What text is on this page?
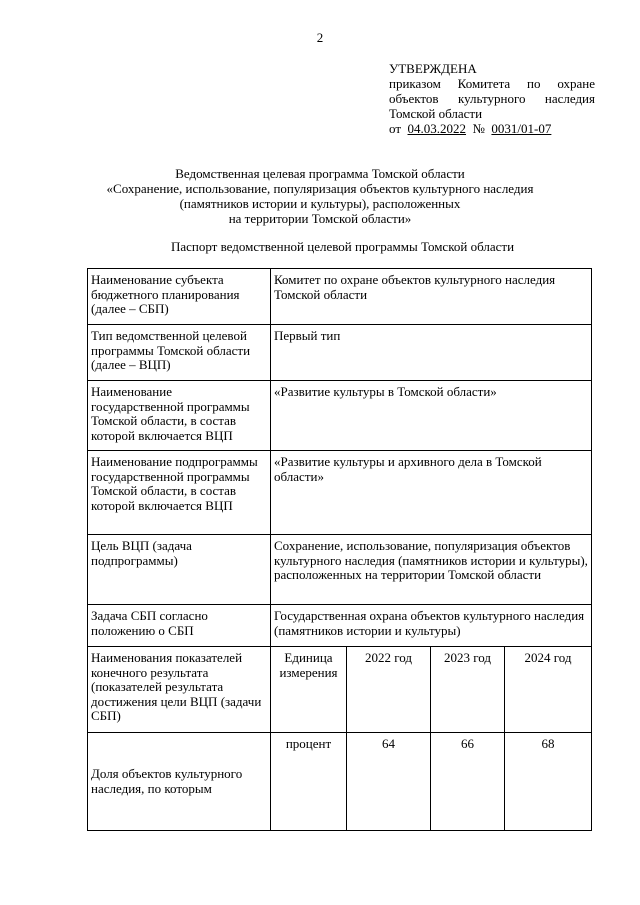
2
УТВЕРЖДЕНА
приказом Комитета по охране
объектов культурного наследия
Томской области
от 04.03.2022 № 0031/01-07
Ведомственная целевая программа Томской области
«Сохранение, использование, популяризация объектов культурного наследия
(памятников истории и культуры), расположенных
на территории Томской области»
Паспорт ведомственной целевой программы Томской области
Наименование субъекта бюджетного планирования (далее – СБП)	Комитет по охране объектов культурного наследия Томской области			
Тип ведомственной целевой программы Томской области (далее – ВЦП)	Первый тип			
Наименование государственной программы Томской области, в состав которой включается ВЦП	«Развитие культуры в Томской области»			
Наименование подпрограммы государственной программы Томской области, в состав которой включается ВЦП	«Развитие культуры и архивного дела в Томской области»			
Цель ВЦП (задача подпрограммы)	Сохранение, использование, популяризация объектов культурного наследия (памятников истории и культуры), расположенных на территории Томской области			
Задача СБП согласно положению о СБП	Государственная охрана объектов культурного наследия (памятников истории и культуры)			
Наименования показателей конечного результата (показателей результата достижения цели ВЦП (задачи СБП)	Единица измерения	2022 год	2023 год	2024 год
Доля объектов культурного наследия, по которым	процент	64	66	68
